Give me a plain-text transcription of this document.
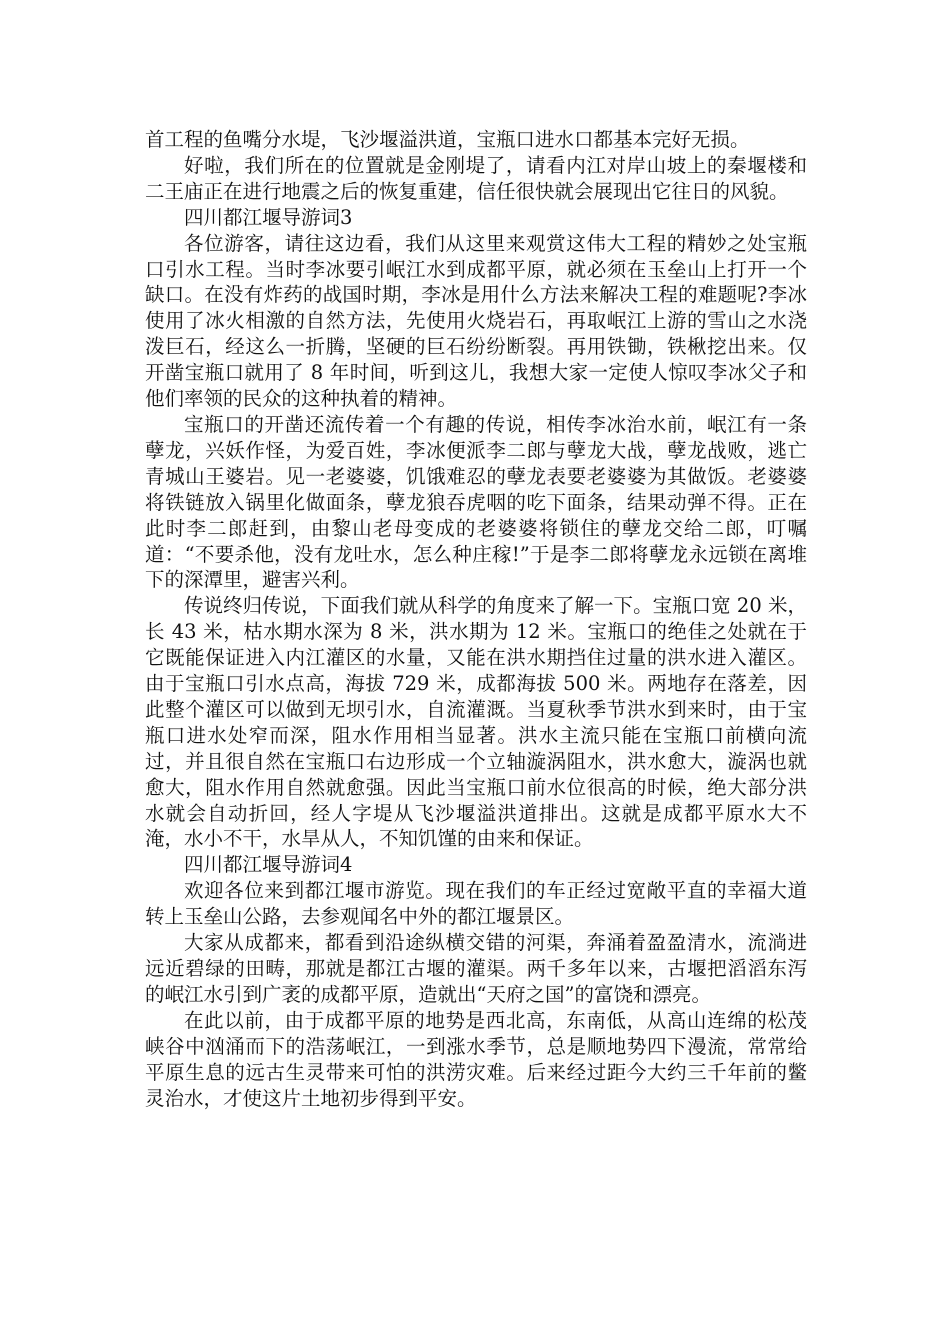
首工程的鱼嘴分水堤，飞沙堰溢洪道，宝瓶口进水口都基本完好无损。

好啦，我们所在的位置就是金刚堤了，请看内江对岸山坡上的秦堰楼和二王庙正在进行地震之后的恢复重建，信任很快就会展现出它往日的风貌。

四川都江堰导游词3

各位游客，请往这边看，我们从这里来观赏这伟大工程的精妙之处宝瓶口引水工程。当时李冰要引岷江水到成都平原，就必须在玉垒山上打开一个缺口。在没有炸药的战国时期，李冰是用什么方法来解决工程的难题呢?李冰使用了冰火相激的自然方法，先使用火烧岩石，再取岷江上游的雪山之水浇泼巨石，经这么一折腾，坚硬的巨石纷纷断裂。再用铁锄，铁楸挖出来。仅开凿宝瓶口就用了 8 年时间，听到这儿，我想大家一定使人惊叹李冰父子和他们率领的民众的这种执着的精神。

宝瓶口的开凿还流传着一个有趣的传说，相传李冰治水前，岷江有一条孽龙，兴妖作怪，为爱百姓，李冰便派李二郎与孽龙大战，孽龙战败，逃亡青城山王婆岩。见一老婆婆，饥饿难忍的孽龙表要老婆婆为其做饭。老婆婆将铁链放入锅里化做面条，孽龙狼吞虎咽的吃下面条，结果动弹不得。正在此时李二郎赶到，由黎山老母变成的老婆婆将锁住的孽龙交给二郎，叮嘱道：“不要杀他，没有龙吐水，怎么种庄稼!”于是李二郎将孽龙永远锁在离堆下的深潭里，避害兴利。

传说终归传说，下面我们就从科学的角度来了解一下。宝瓶口宽 20 米，长 43 米，枯水期水深为 8 米，洪水期为 12 米。宝瓶口的绝佳之处就在于它既能保证进入内江灌区的水量，又能在洪水期挡住过量的洪水进入灌区。由于宝瓶口引水点高，海拔 729 米，成都海拔 500 米。两地存在落差，因此整个灌区可以做到无坝引水，自流灌溉。当夏秋季节洪水到来时，由于宝瓶口进水处窄而深，阻水作用相当显著。洪水主流只能在宝瓶口前横向流过，并且很自然在宝瓶口右边形成一个立轴漩涡阻水，洪水愈大，漩涡也就愈大，阻水作用自然就愈强。因此当宝瓶口前水位很高的时候，绝大部分洪水就会自动折回，经人字堤从飞沙堰溢洪道排出。这就是成都平原水大不淹，水小不干，水旱从人，不知饥馑的由来和保证。

四川都江堰导游词4

欢迎各位来到都江堰市游览。现在我们的车正经过宽敞平直的幸福大道转上玉垒山公路，去参观闻名中外的都江堰景区。

大家从成都来，都看到沿途纵横交错的河渠，奔涌着盈盈清水，流淌进远近碧绿的田畴，那就是都江古堰的灌渠。两千多年以来，古堰把滔滔东泻的岷江水引到广袤的成都平原，造就出“天府之国”的富饶和漂亮。

在此以前，由于成都平原的地势是西北高，东南低，从高山连绵的松茂峡谷中汹涌而下的浩荡岷江，一到涨水季节，总是顺地势四下漫流，常常给平原生息的远古生灵带来可怕的洪涝灾难。后来经过距今大约三千年前的鳖灵治水，才使这片土地初步得到平安。
